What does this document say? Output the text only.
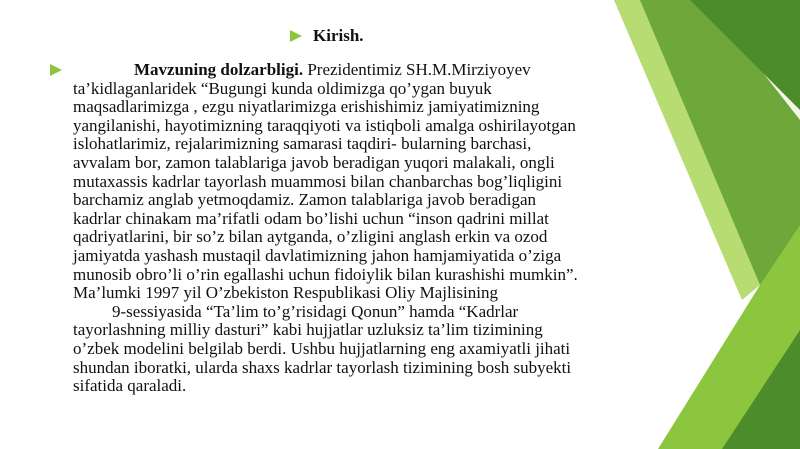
Kirish.
Mavzuning dolzarbligi. Prezidentimiz SH.M.Mirziyoyev
ta’kidlaganlaridek “Bugungi kunda oldimizga qo’ygan buyuk
maqsadlarimizga , ezgu niyatlarimizga erishishimiz jamiyatimizning
yangilanishi, hayotimizning taraqqiyoti va istiqboli amalga oshirilayotgan
islohatlarimiz, rejalarimizning samarasi taqdiri- bularning barchasi,
avvalam bor, zamon talablariga javob beradigan yuqori malakali, ongli
mutaxassis kadrlar tayorlash muammosi bilan chanbarchas bog’liqligini
barchamiz anglab yetmoqdamiz. Zamon talablariga javob beradigan
kadrlar chinakam ma’rifatli odam bo’lishi uchun “inson qadrini millat
qadriyatlarini, bir so’z bilan aytganda, o’zligini anglash erkin va ozod
jamiyatda yashash mustaqil davlatimizning jahon hamjamiyatida o’ziga
munosib obro’li o’rin egallashi uchun fidoiylik bilan kurashishi mumkin”.
Ma’lumki 1997 yil O’zbekiston Respublikasi Oliy Majlisining
9-sessiyasida “Ta’lim to’g’risidagi Qonun” hamda “Kadrlar
tayorlashning milliy dasturi” kabi hujjatlar uzluksiz ta’lim tizimining
o’zbek modelini belgilab berdi. Ushbu hujjatlarning eng axamiyatli jihati
shundan iboratki, ularda shaxs kadrlar tayorlash tizimining bosh subyekti
sifatida qaraladi.
